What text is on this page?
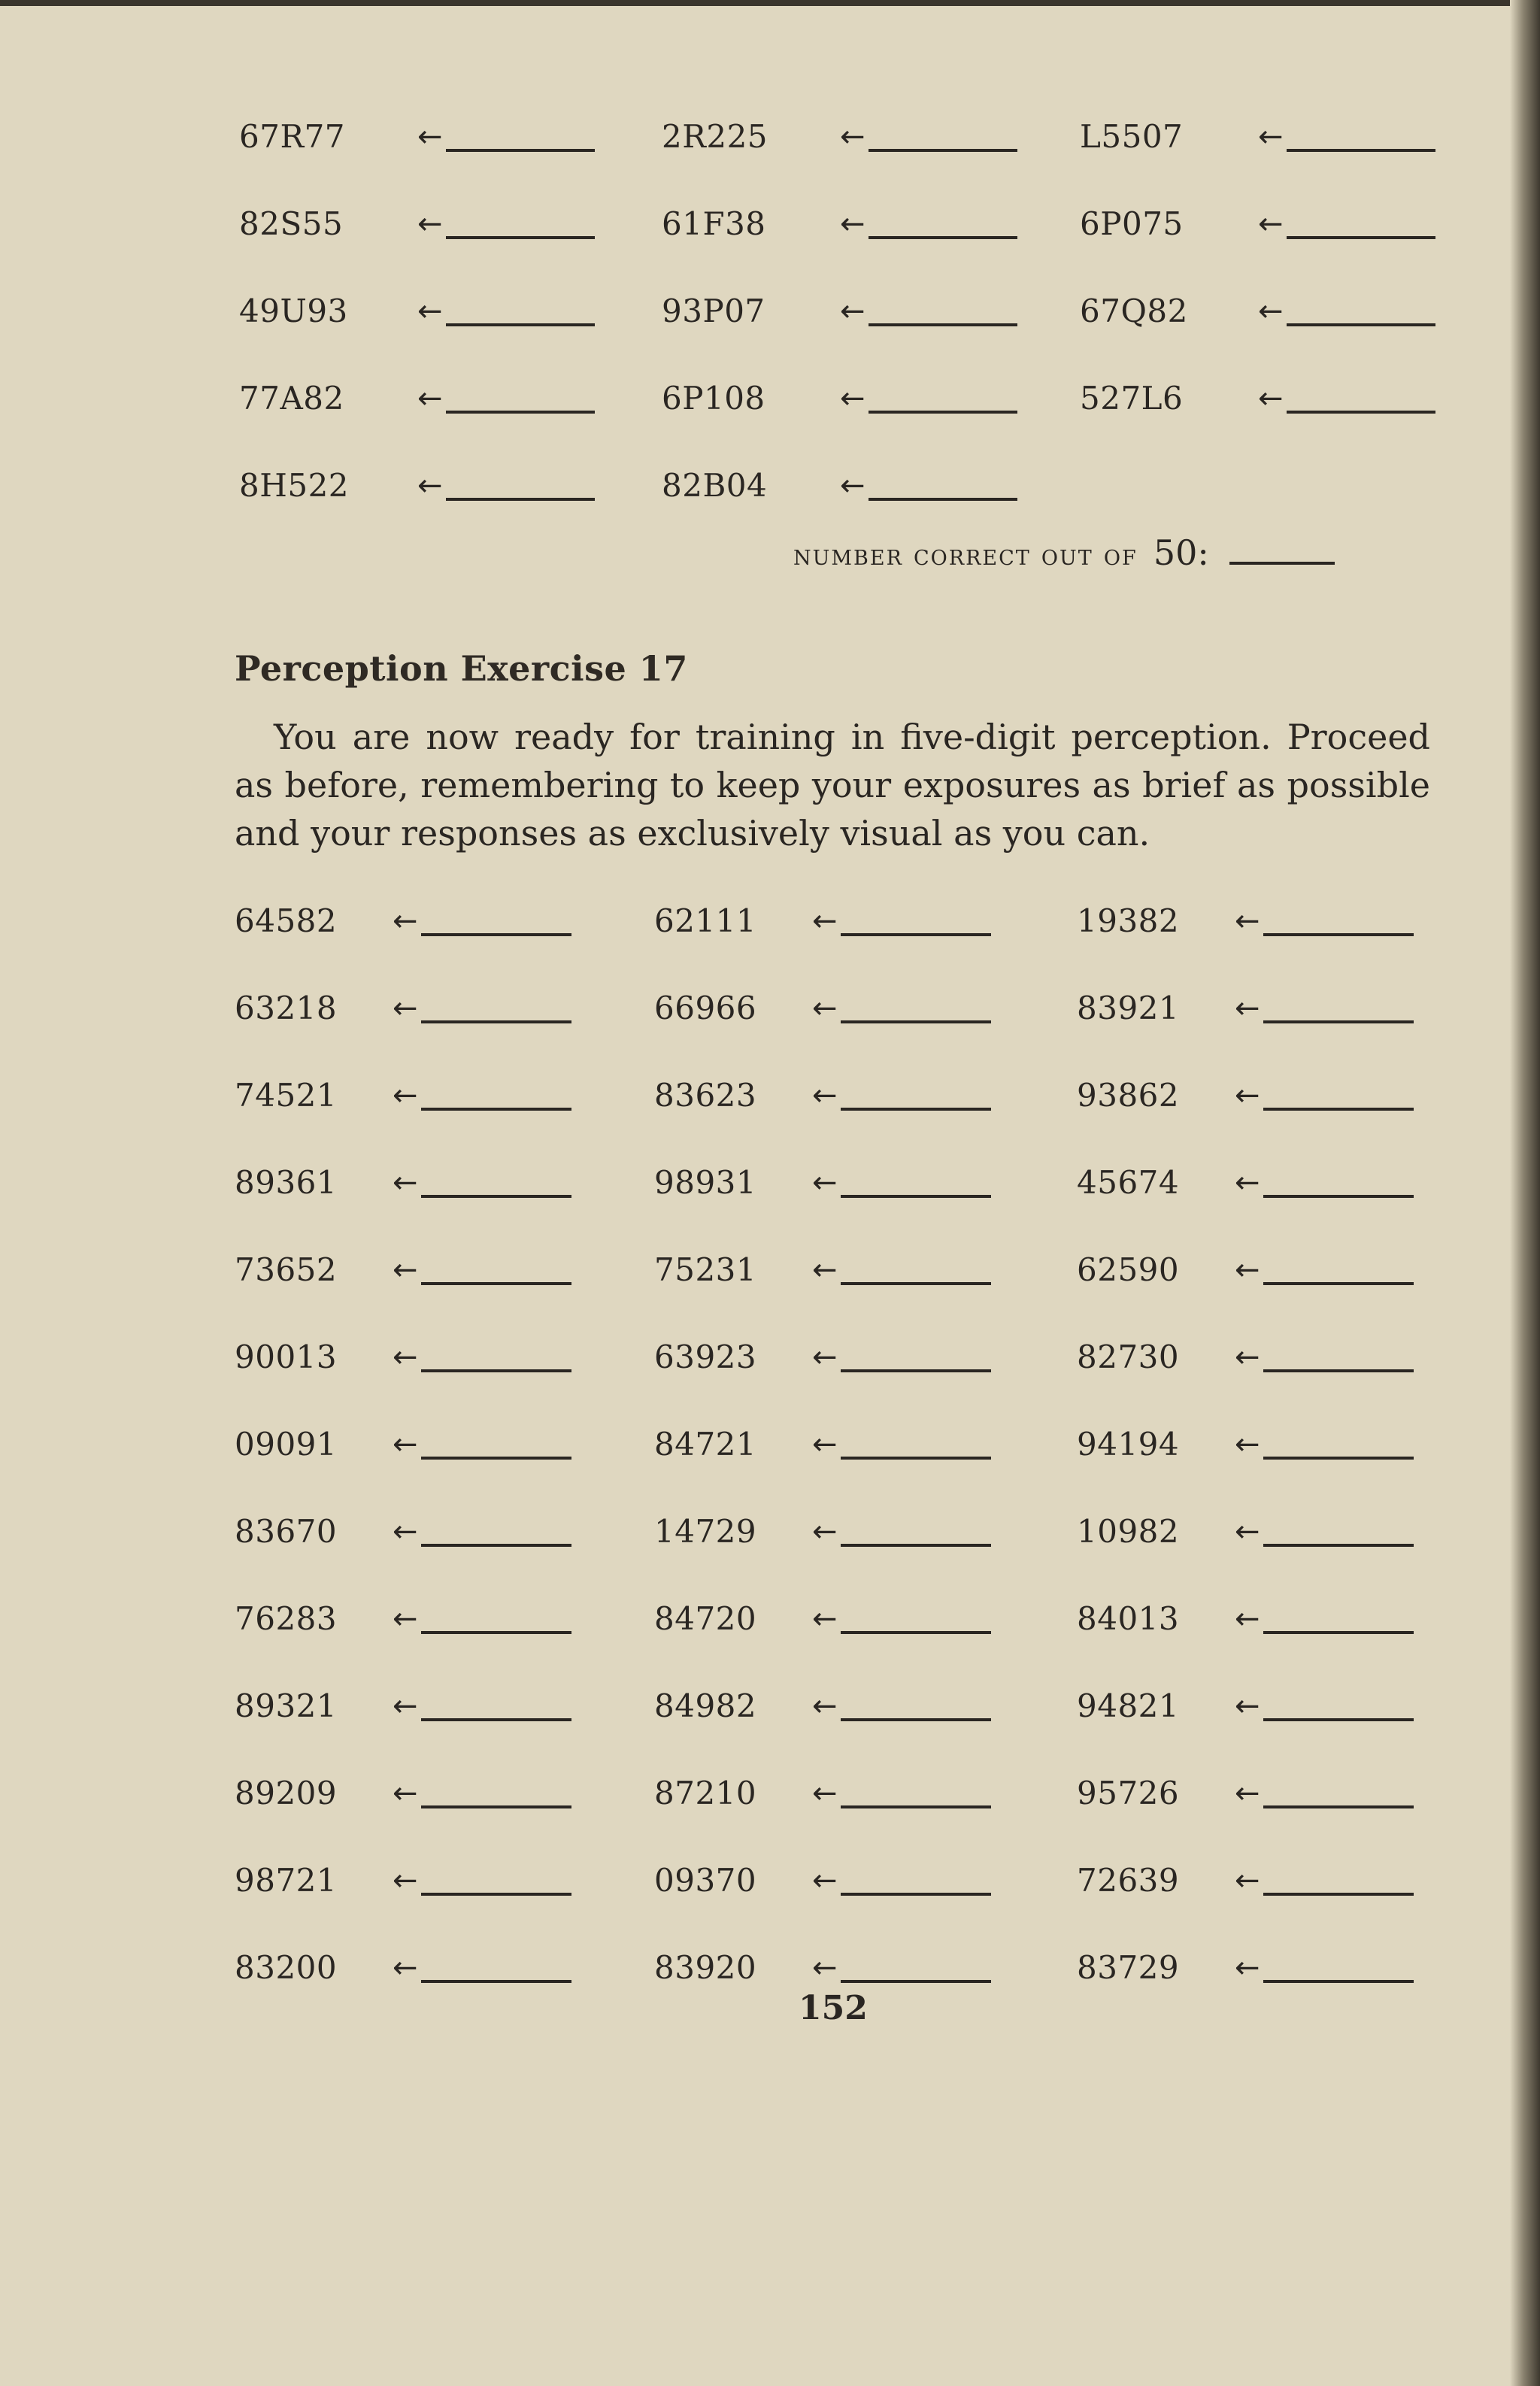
67R77 ←	2R225 ←	L5507 ←
82S55 ←	61F38 ←	6P075 ←
49U93 ←	93P07 ←	67Q82 ←
77A82 ←	6P108 ←	527L6 ←
8H522 ←	82B04 ←
number correct out of 50:
Perception Exercise 17
You are now ready for training in five-digit perception. Proceed as before, remembering to keep your exposures as brief as possible and your responses as exclusively visual as you can.
64582 ←	62111 ←	19382 ←
63218 ←	66966 ←	83921 ←
74521 ←	83623 ←	93862 ←
89361 ←	98931 ←	45674 ←
73652 ←	75231 ←	62590 ←
90013 ←	63923 ←	82730 ←
09091 ←	84721 ←	94194 ←
83670 ←	14729 ←	10982 ←
76283 ←	84720 ←	84013 ←
89321 ←	84982 ←	94821 ←
89209 ←	87210 ←	95726 ←
98721 ←	09370 ←	72639 ←
83200 ←	83920 ←	83729 ←
152
